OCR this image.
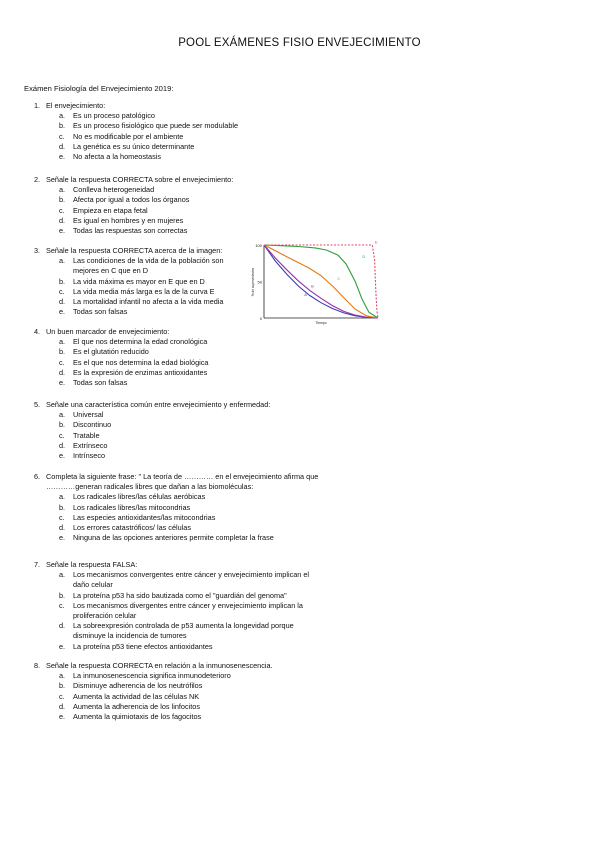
POOL EXÁMENES FISIO ENVEJECIMIENTO
Exámen Fisiología del Envejecimiento 2019:
1. El envejecimiento:
a.	Es un proceso patológico
b.	Es un proceso fisiológico que puede ser modulable
c.	No es modificable por el ambiente
d.	La genética es su único determinante
e.	No afecta a la homeostasis
2. Señale la respuesta CORRECTA sobre el envejecimiento:
a.	Conlleva heterogeneidad
b.	Afecta por igual a todos los órganos
c.	Empieza en etapa fetal
d.	Es igual en hombres y en mujeres
e.	Todas las respuestas son correctas
3. Señale la respuesta CORRECTA acerca de la imagen:
a.	Las condiciones de la vida de la población son
mejores en C que en D
b.	La vida máxima es mayor en E que en D
c.	La vida media más larga es la de la curva E
d.	La mortalidad infantil no afecta a la vida media
e.	Todas son falsas
4. Un buen marcador de envejecimiento:
a.	El que nos determina la edad cronológica
b.	Es el glutatión reducido
c.	Es el que nos determina la edad biológica
d.	Es la expresión de enzimas antioxidantes
e.	Todas son falsas
5. Señale una característica común entre envejecimiento y enfermedad:
a.	Universal
b.	Discontinuo
c.	Tratable
d.	Extrínseco
e.	Intrínseco
6. Completa la siguiente frase: " La teoría de ………… en el envejecimiento afirma que
…………generan radicales libres que dañan a las biomoléculas:
a.	Los radicales libres/las células aeróbicas
b.	Los radicales libres/las mitocondrias
c.	Las especies antioxidantes/las mitocondrias
d.	Los errores catastróficos/ las células
e.	Ninguna de las opciones anteriores permite completar la frase
7. Señale la respuesta FALSA:
a.	Los mecanismos convergentes entre cáncer y envejecimiento implican el
daño celular
b.	La proteína p53 ha sido bautizada como el "guardián del genoma"
c.	Los mecanismos divergentes entre cáncer y envejecimiento implican la
proliferación celular
d.	La sobreexpresión controlada de p53 aumenta la longevidad porque
disminuye la incidencia de tumores
e.	La proteína p53 tiene efectos antioxidantes
8. Señale la respuesta CORRECTA en relación a la inmunosenescencia.
a.	La inmunosenescencia significa inmunodeterioro
b.	Disminuye adherencia de los neutrófilos
c.	Aumenta la actividad de las células NK
d.	Aumenta la adherencia de los linfocitos
e.	Aumenta la quimiotaxis de los fagocitos
100
50
0
% de supervivientes
Tiempo
A
B
C
D
E
